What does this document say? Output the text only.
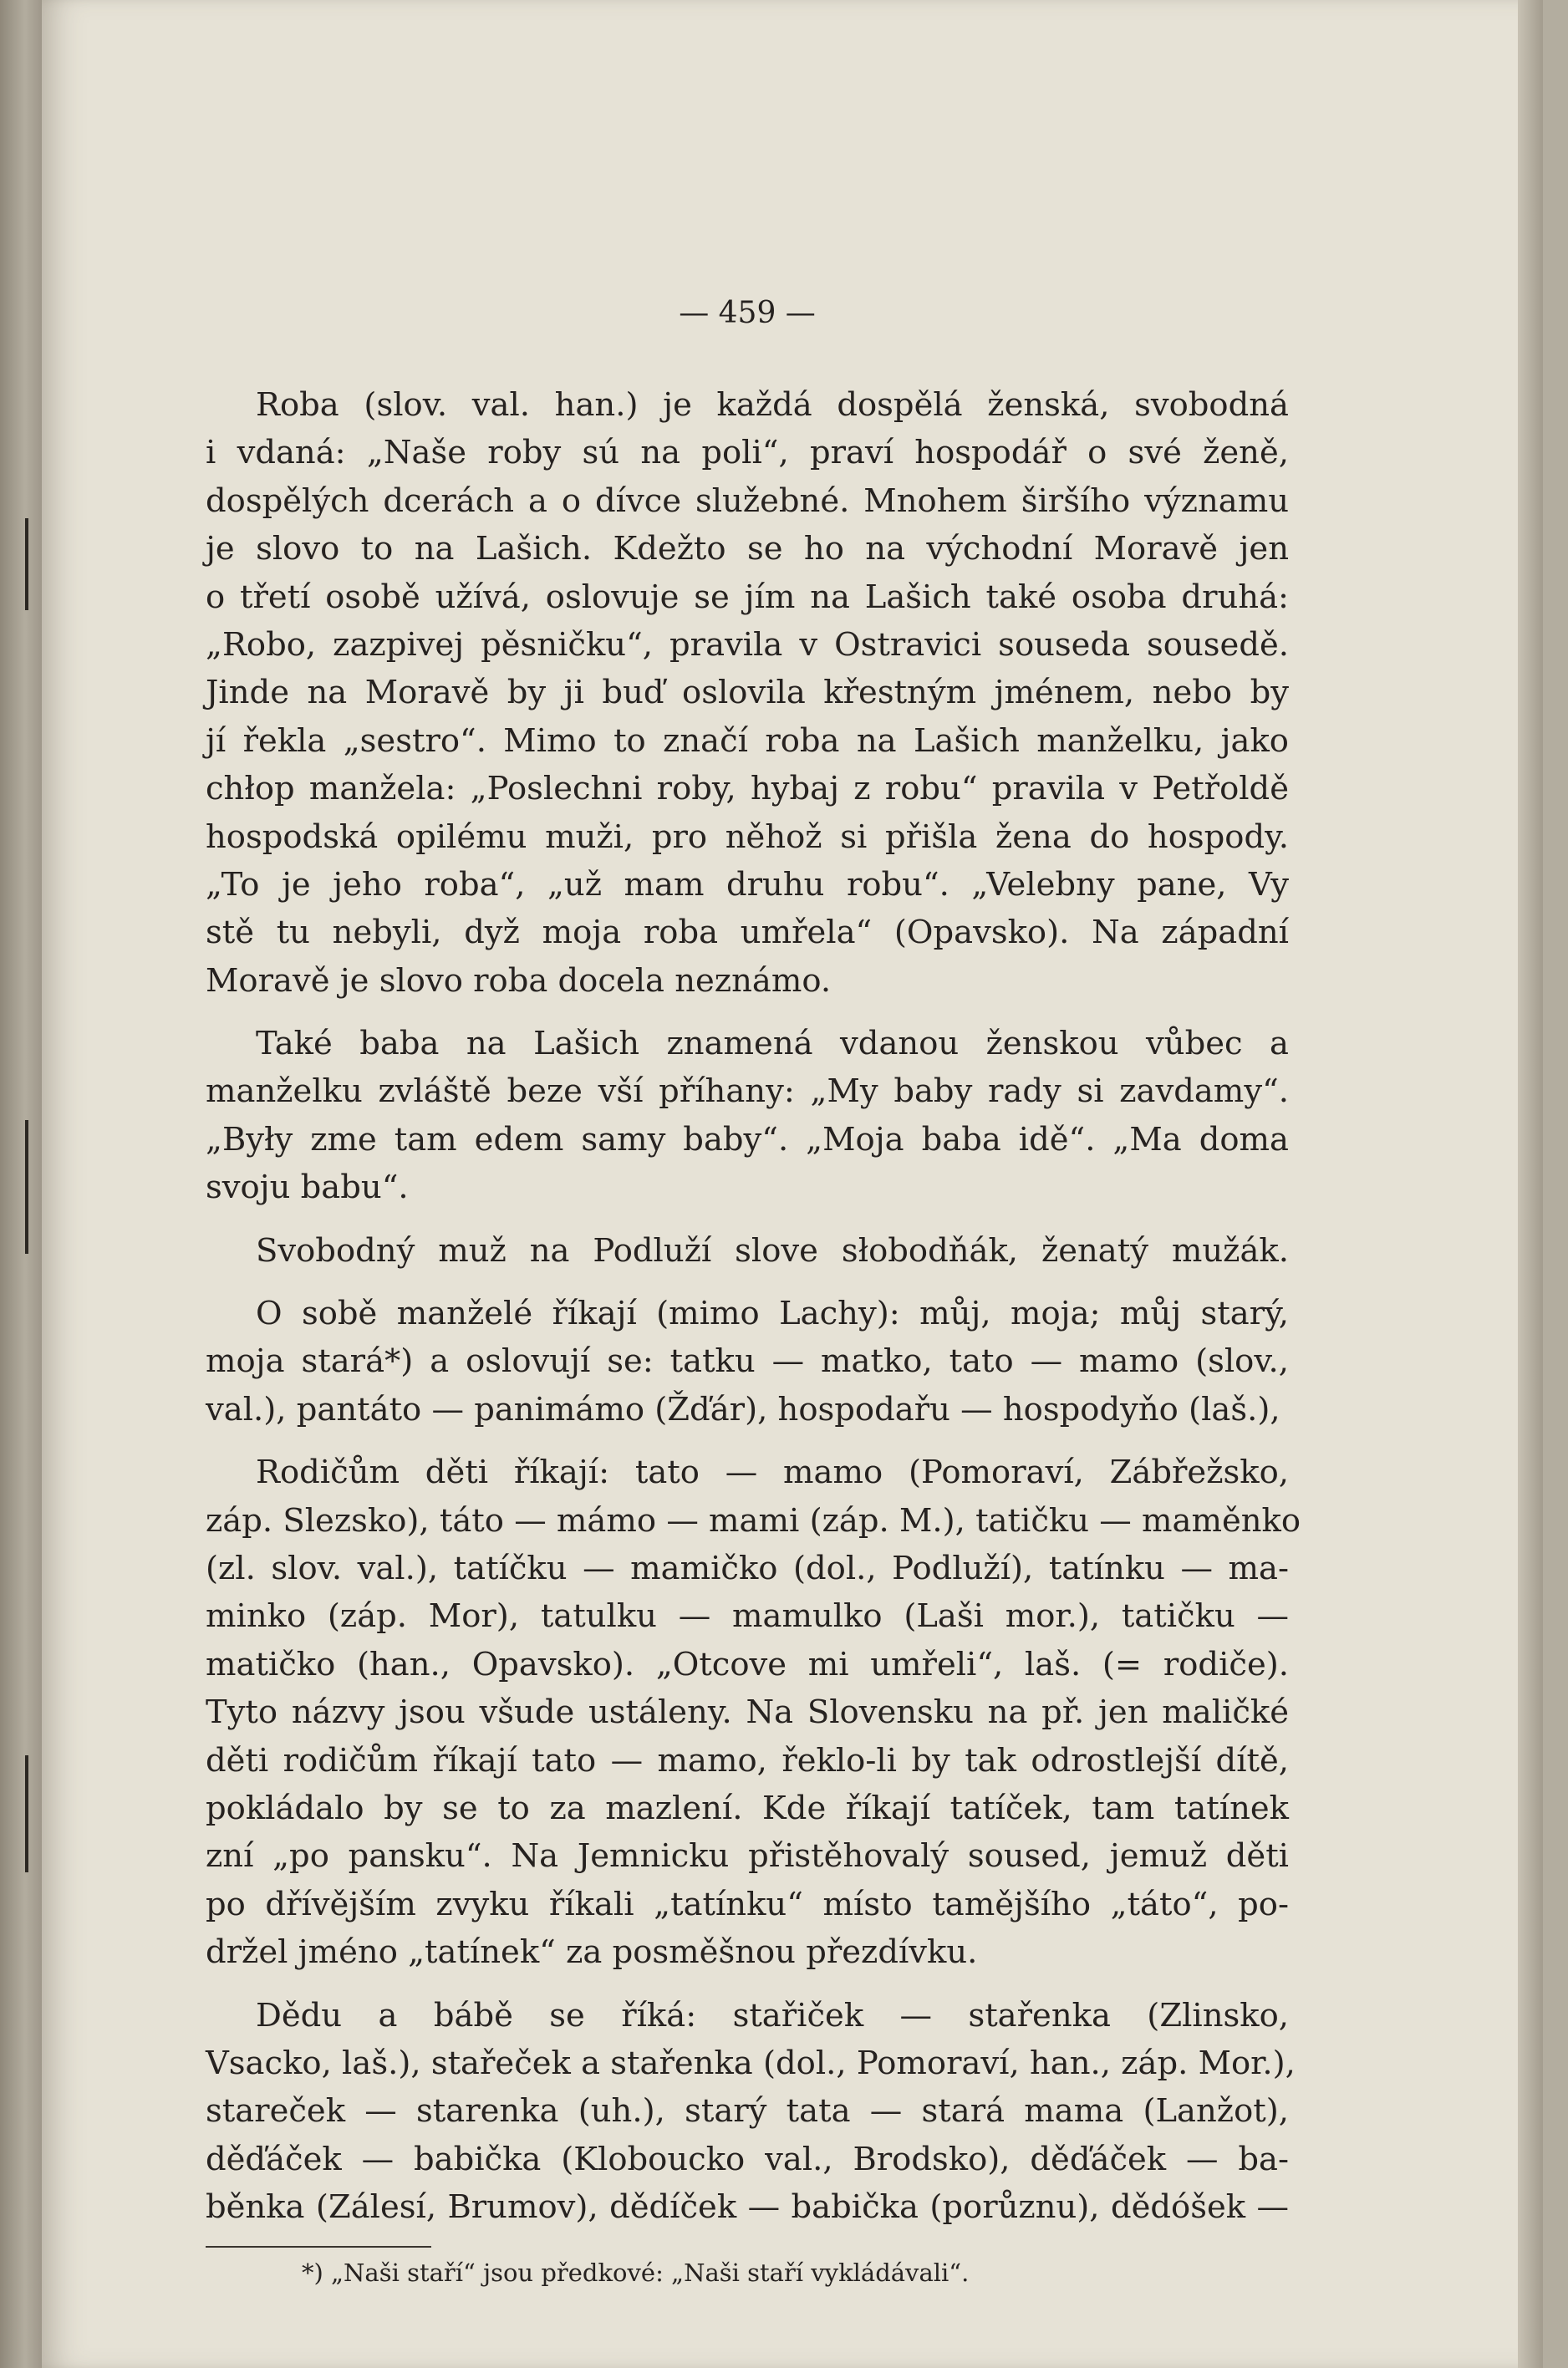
— 459 —

Roba (slov. val. han.) je každá dospělá ženská, svobodná
i vdaná: „Naše roby sú na poli“, praví hospodář o své ženě,
dospělých dcerách a o dívce služebné. Mnohem širšího významu
je slovo to na Lašich. Kdežto se ho na východní Moravě jen
o třetí osobě užívá, oslovuje se jím na Lašich také osoba druhá:
„Robo, zazpivej pěsničku“, pravila v Ostravici souseda sousedě.
Jinde na Moravě by ji buď oslovila křestným jménem, nebo by
jí řekla „sestro“. Mimo to značí roba na Lašich manželku, jako
chłop manžela: „Poslechni roby, hybaj z robu“ pravila v Petřoldě
hospodská opilému muži, pro něhož si přišla žena do hospody.
„To je jeho roba“, „už mam druhu robu“. „Velebny pane, Vy
stě tu nebyli, dyž moja roba umřela“ (Opavsko). Na západní
Moravě je slovo roba docela neznámo.

Také baba na Lašich znamená vdanou ženskou vůbec a
manželku zvláště beze vší příhany: „My baby rady si zavdamy“.
„Były zme tam edem samy baby“. „Moja baba idě“. „Ma doma
svoju babu“.

Svobodný muž na Podluží slove słobodňák, ženatý mužák.

O sobě manželé říkají (mimo Lachy): můj, moja; můj starý,
moja stará*) a oslovují se: tatku — matko, tato — mamo (slov.,
val.), pantáto — panimámo (Žďár), hospodařu — hospodyňo (laš.),

Rodičům děti říkají: tato — mamo (Pomoraví, Zábřežsko,
záp. Slezsko), táto — mámo — mami (záp. M.), tatičku — maměnko
(zl. slov. val.), tatíčku — mamičko (dol., Podluží), tatínku — ma-
minko (záp. Mor), tatulku — mamulko (Laši mor.), tatičku —
matičko (han., Opavsko). „Otcove mi umřeli“, laš. (= rodiče).
Tyto názvy jsou všude ustáleny. Na Slovensku na př. jen maličké
děti rodičům říkají tato — mamo, řeklo-li by tak odrostlejší dítě,
pokládalo by se to za mazlení. Kde říkají tatíček, tam tatínek
zní „po pansku“. Na Jemnicku přistěhovalý soused, jemuž děti
po dřívějším zvyku říkali „tatínku“ místo tamějšího „táto“, po-
držel jméno „tatínek“ za posměšnou přezdívku.

Dědu a bábě se říká: stařiček — stařenka (Zlinsko,
Vsacko, laš.), stařeček a stařenka (dol., Pomoraví, han., záp. Mor.),
stareček — starenka (uh.), starý tata — stará mama (Lanžot),
děďáček — babička (Kloboucko val., Brodsko), děďáček — ba-
běnka (Zálesí, Brumov), dědíček — babička (porůznu), dědóšek —

*) „Naši staří“ jsou předkové: „Naši staří vykládávali“.
